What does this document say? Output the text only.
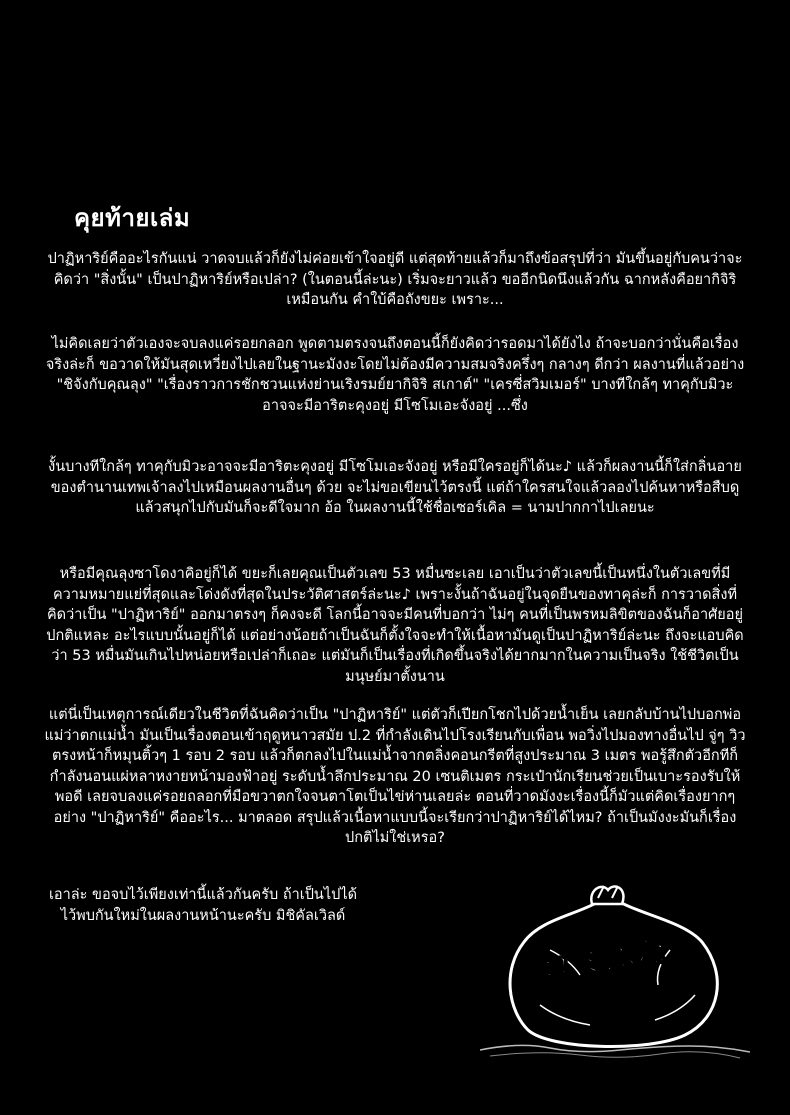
คุยท้ายเล่ม
ปาฏิหาริย์คืออะไรกันแน่ วาดจบแล้วก็ยังไม่ค่อยเข้าใจอยู่ดี แต่สุดท้ายแล้วก็มาถึงข้อสรุปที่ว่า มันขึ้นอยู่กับคนว่าจะคิดว่า "สิ่งนั้น" เป็นปาฏิหาริย์หรือเปล่า? (ในตอนนี้ล่ะนะ) เริ่มจะยาวแล้ว ขออีกนิดนึงแล้วกัน ฉากหลังคือยากิจิริเหมือนกัน คำใบ้คือถังขยะ เพราะ...
ไม่คิดเลยว่าตัวเองจะจบลงแค่รอยกลอก พูดตามตรงจนถึงตอนนี้ก็ยังคิดว่ารอดมาได้ยังไง ถ้าจะบอกว่านั่นคือเรื่องจริงล่ะก็ ขอวาดให้มันสุดเหวี่ยงไปเลยในฐานะมังงะโดยไม่ต้องมีความสมจริงครึ่งๆ กลางๆ ดีกว่า ผลงานที่แล้วอย่าง "ชิจังกับคุณลุง" "เรื่องราวการชักชวนแห่งย่านเริงรมย์ยากิจิริ สเกาต์" "เครซี่สวิมเมอร์" บางทีใกล้ๆ ทาคุกับมิวะอาจจะมีอาริตะคุงอยู่ มีโซโมเอะจังอยู่ ...ซึ่ง
งั้นบางทีใกล้ๆ ทาคุกับมิวะอาจจะมีอาริตะคุงอยู่ มีโซโมเอะจังอยู่ หรือมีใครอยู่ก็ได้นะ♪ แล้วก็ผลงานนี้ก็ใส่กลิ่นอายของตำนานเทพเจ้าลงไปเหมือนผลงานอื่นๆ ด้วย จะไม่ขอเขียนไว้ตรงนี้ แต่ถ้าใครสนใจแล้วลองไปค้นหาหรือสืบดูแล้วสนุกไปกับมันก็จะดีใจมาก อ้อ ในผลงานนี้ใช้ชื่อเซอร์เคิล = นามปากกาไปเลยนะ
หรือมีคุณลุงซาโดงาคิอยู่ก็ได้ ขยะก็เลยคุณเป็นตัวเลข 53 หมื่นซะเลย เอาเป็นว่าตัวเลขนี้เป็นหนึ่งในตัวเลขที่มีความหมายแย่ที่สุดและโด่งดังที่สุดในประวัติศาสตร์ล่ะนะ♪ เพราะงั้นถ้าฉันอยู่ในจุดยืนของทาคุล่ะก็ การวาดสิ่งที่คิดว่าเป็น "ปาฏิหาริย์" ออกมาตรงๆ ก็คงจะดี โลกนี้อาจจะมีคนที่บอกว่า ไม่ๆ คนที่เป็นพรหมลิขิตของฉันก็อาศัยอยู่ปกติแหละ อะไรแบบนั้นอยู่ก็ได้ แต่อย่างน้อยถ้าเป็นฉันก็ตั้งใจจะทำให้เนื้อหามันดูเป็นปาฏิหาริย์ล่ะนะ ถึงจะแอบคิดว่า 53 หมื่นมันเกินไปหน่อยหรือเปล่าก็เถอะ แต่มันก็เป็นเรื่องที่เกิดขึ้นจริงได้ยากมากในความเป็นจริง ใช้ชีวิตเป็นมนุษย์มาตั้งนาน
แต่นี่เป็นเหตุการณ์เดียวในชีวิตที่ฉันคิดว่าเป็น "ปาฏิหาริย์" แต่ตัวก็เปียกโชกไปด้วยน้ำเย็น เลยกลับบ้านไปบอกพ่อแม่ว่าตกแม่น้ำ มันเป็นเรื่องตอนเข้าฤดูหนาวสมัย ป.2 ที่กำลังเดินไปโรงเรียนกับเพื่อน พอวิ่งไปมองทางอื่นไป จู่ๆ วิวตรงหน้าก็หมุนติ้วๆ 1 รอบ 2 รอบ แล้วก็ตกลงไปในแม่น้ำจากตลิ่งคอนกรีตที่สูงประมาณ 3 เมตร พอรู้สึกตัวอีกทีก็กำลังนอนแผ่หลาหงายหน้ามองฟ้าอยู่ ระดับน้ำลึกประมาณ 20 เซนติเมตร กระเป๋านักเรียนช่วยเป็นเบาะรองรับให้พอดี เลยจบลงแค่รอยถลอกที่มือขวาตกใจจนตาโตเป็นไข่ห่านเลยล่ะ ตอนที่วาดมังงะเรื่องนี้ก็มัวแต่คิดเรื่องยากๆ อย่าง "ปาฏิหาริย์" คืออะไร... มาตลอด สรุปแล้วเนื้อหาแบบนี้จะเรียกว่าปาฏิหาริย์ได้ไหม? ถ้าเป็นมังงะมันก็เรื่องปกติไม่ใช่เหรอ?
เอาล่ะ ขอจบไว้เพียงเท่านี้แล้วกันครับ ถ้าเป็นไปได้ไว้พบกันใหม่ในผลงานหน้านะครับ มิชิคัลเวิลด์
ゴミぶな
